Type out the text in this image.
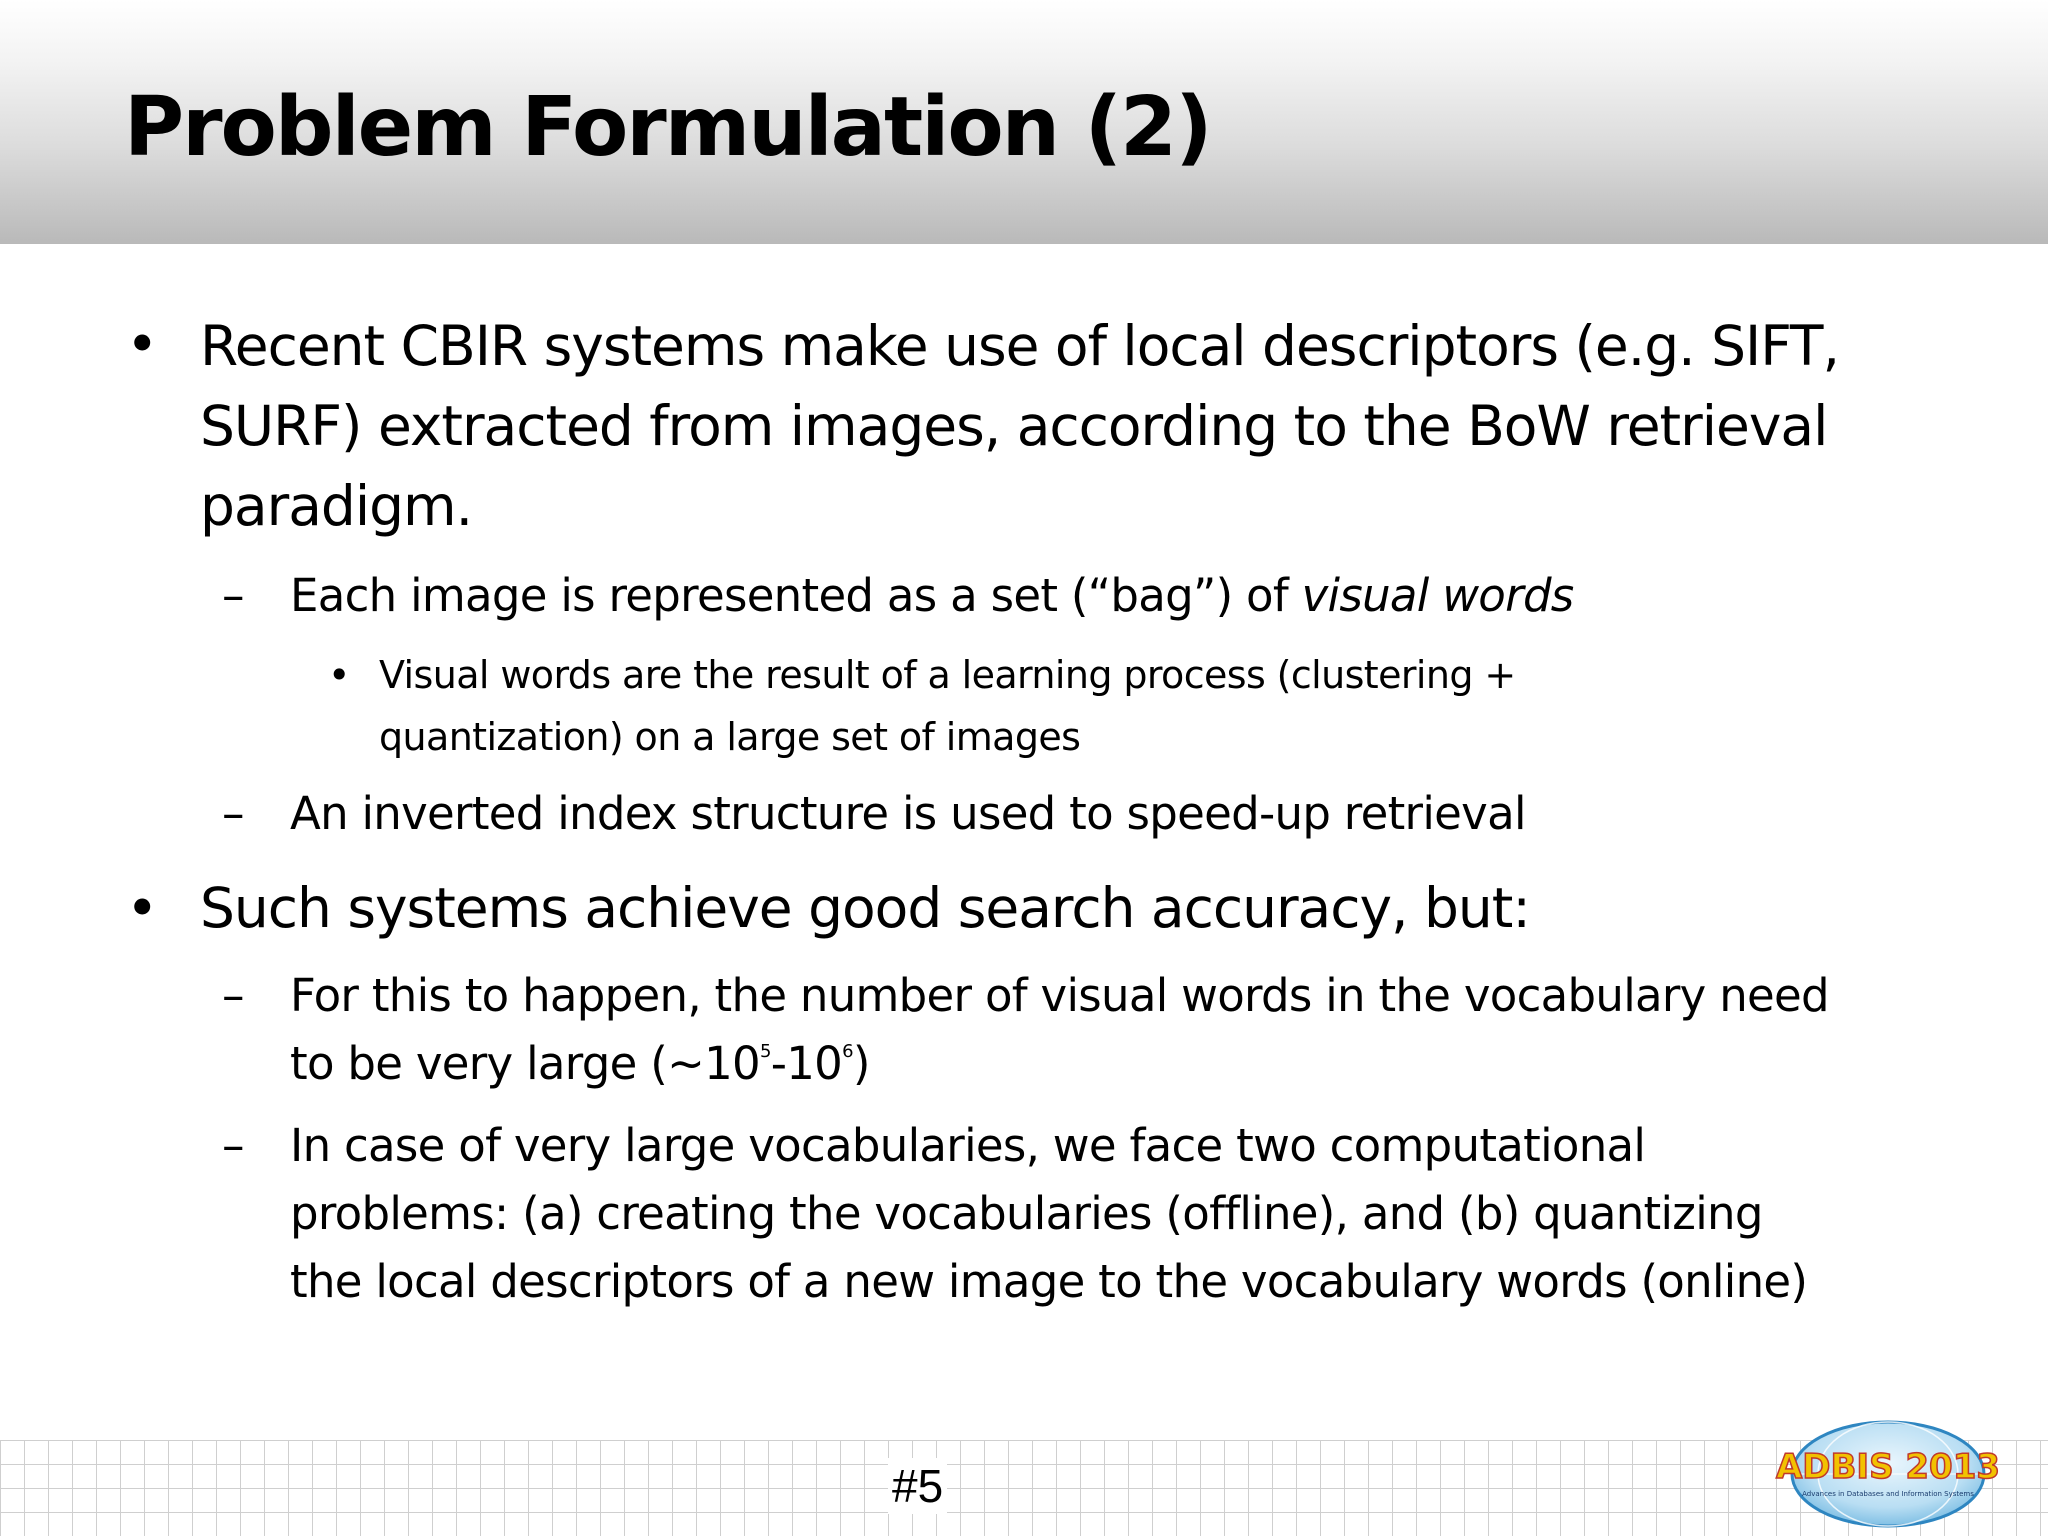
Problem Formulation (2)
• Recent CBIR systems make use of local descriptors (e.g. SIFT,
SURF) extracted from images, according to the BoW retrieval
paradigm.
– Each image is represented as a set (“bag”) of visual words
• Visual words are the result of a learning process (clustering +
quantization) on a large set of images
– An inverted index structure is used to speed-up retrieval
• Such systems achieve good search accuracy, but:
– For this to happen, the number of visual words in the vocabulary need
to be very large $(\sim 10^5-10^6)$
– In case of very large vocabularies, we face two computational
problems: (a) creating the vocabularies (offline), and (b) quantizing
the local descriptors of a new image to the vocabulary words (online)
#5	ADBIS 2013
Advances in Databases and Information Systems
